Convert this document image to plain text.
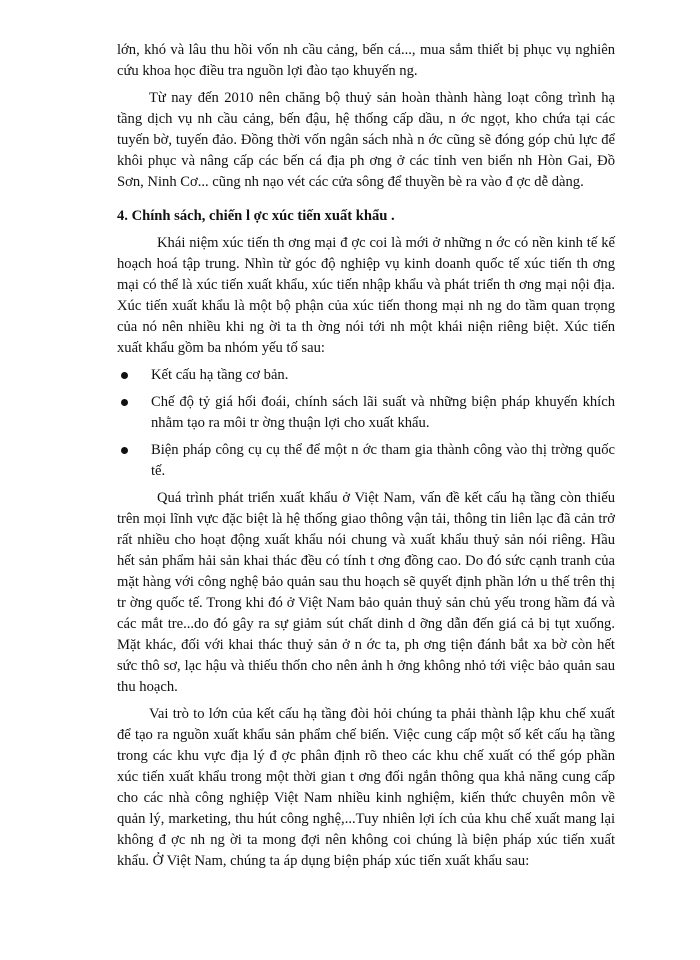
lớn, khó và lâu thu hồi vốn nh cầu cảng, bến cá..., mua sắm thiết bị phục vụ nghiên cứu khoa học điều tra nguồn lợi đào tạo khuyến ng.

Từ nay đến 2010 nên chăng bộ thuỷ sản hoàn thành hàng loạt công trình hạ tầng dịch vụ nh cầu cảng, bến đậu, hệ thống cấp dầu, n ớc ngọt, kho chứa tại các tuyến bờ, tuyến đảo. Đồng thời vốn ngân sách nhà n ớc cũng sẽ đóng góp chủ lực để khôi phục và nâng cấp các bến cá địa ph ơng ở các tỉnh ven biển nh Hòn Gai, Đồ Sơn, Ninh Cơ... cũng nh nạo vét các cửa sông để thuyền bè ra vào đ ợc dễ dàng.

4. Chính sách, chiến l ợc xúc tiến xuất khẩu .

Khái niệm xúc tiến th ơng mại đ ợc coi là mới ở những n ớc có nền kinh tế kế hoạch hoá tập trung. Nhìn từ góc độ nghiệp vụ kinh doanh quốc tế xúc tiến th ơng mại có thể là xúc tiến xuất khẩu, xúc tiến nhập khẩu và phát triển th ơng mại nội địa. Xúc tiến xuất khẩu là một bộ phận của xúc tiến thong mại nh ng do tầm quan trọng của nó nên nhiều khi ng ời ta th ờng nói tới nh một khái niện riêng biệt. Xúc tiến xuất khẩu gồm ba nhóm yếu tố sau:

Kết cấu hạ tầng cơ bản.
Chế độ tỷ giá hối đoái, chính sách lãi suất và những biện pháp khuyến khích nhằm tạo ra môi tr ờng thuận lợi cho xuất khẩu.
Biện pháp công cụ cụ thể để một n ớc tham gia thành công vào thị trờng quốc tế.

Quá trình phát triển xuất khẩu ở Việt Nam, vấn đề kết cấu hạ tầng còn thiếu trên mọi lĩnh vực đặc biệt là hệ thống giao thông vận tải, thông tin liên lạc đã cản trở rất nhiều cho hoạt động xuất khẩu nói chung và xuất khẩu thuỷ sản nói riêng. Hầu hết sản phẩm hải sản khai thác đều có tính t ơng đồng cao. Do đó sức cạnh tranh của mặt hàng với công nghệ bảo quản sau thu hoạch sẽ quyết định phần lớn u thế trên thị tr ờng quốc tế. Trong khi đó ở Việt Nam bảo quản thuỷ sản chủ yếu trong hầm đá và các mắt tre...do đó gây ra sự giảm sút chất dinh d ỡng dẫn đến giá cả bị tụt xuống. Mặt khác, đối với khai thác thuỷ sản ở n ớc ta, ph ơng tiện đánh bắt xa bờ còn hết sức thô sơ, lạc hậu và thiếu thốn cho nên ảnh h ởng không nhỏ tới việc bảo quản sau thu hoạch.

Vai trò to lớn của kết cấu hạ tầng đòi hỏi chúng ta phải thành lập khu chế xuất để tạo ra nguồn xuất khẩu sản phẩm chế biến. Việc cung cấp một số kết cấu hạ tầng trong các khu vực địa lý đ ợc phân định rõ theo các khu chế xuất có thể góp phần xúc tiến xuất khẩu trong một thời gian t ơng đối ngắn thông qua khả năng cung cấp cho các nhà công nghiệp Việt Nam nhiều kinh nghiệm, kiến thức chuyên môn về quản lý, marketing, thu hút công nghệ,...Tuy nhiên lợi ích của khu chế xuất mang lại không đ ợc nh ng ời ta mong đợi nên không coi chúng là biện pháp xúc tiến xuất khẩu. Ở Việt Nam, chúng ta áp dụng biện pháp xúc tiến xuất khẩu sau:
